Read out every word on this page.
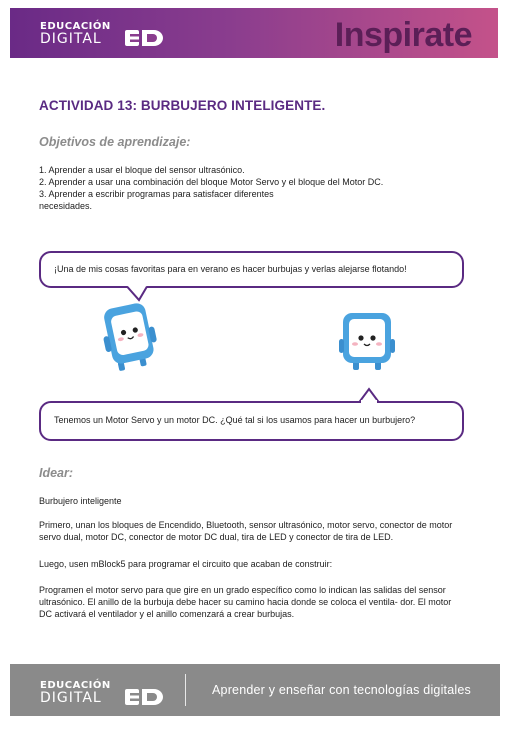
EDUCACIÓN
DIGITAL	Inspirate
ACTIVIDAD 13: BURBUJERO INTELIGENTE.
Objetivos de aprendizaje:
1. Aprender a usar el bloque del sensor ultrasónico.
2. Aprender a usar una combinación del bloque Motor Servo y el bloque del Motor DC.
3. Aprender a escribir programas para satisfacer diferentes
necesidades.
¡Una de mis cosas favoritas para en verano es hacer burbujas y verlas alejarse flotando!
Tenemos un Motor Servo y un motor DC. ¿Qué tal si los usamos para hacer un burbujero?
Idear:
Burbujero inteligente
Primero, unan los bloques de Encendido, Bluetooth, sensor ultrasónico, motor servo, conector de motor servo dual, motor DC, conector de motor DC dual, tira de LED y conector de tira de LED.
Luego, usen mBlock5 para programar el circuito que acaban de construir:
Programen el motor servo para que gire en un grado específico como lo indican las salidas del sensor ultrasónico. El anillo de la burbuja debe hacer su camino hacia donde se coloca el ventila- dor. El motor DC activará el ventilador y el anillo comenzará a crear burbujas.
EDUCACIÓN
DIGITAL	Aprender y enseñar con tecnologías digitales
